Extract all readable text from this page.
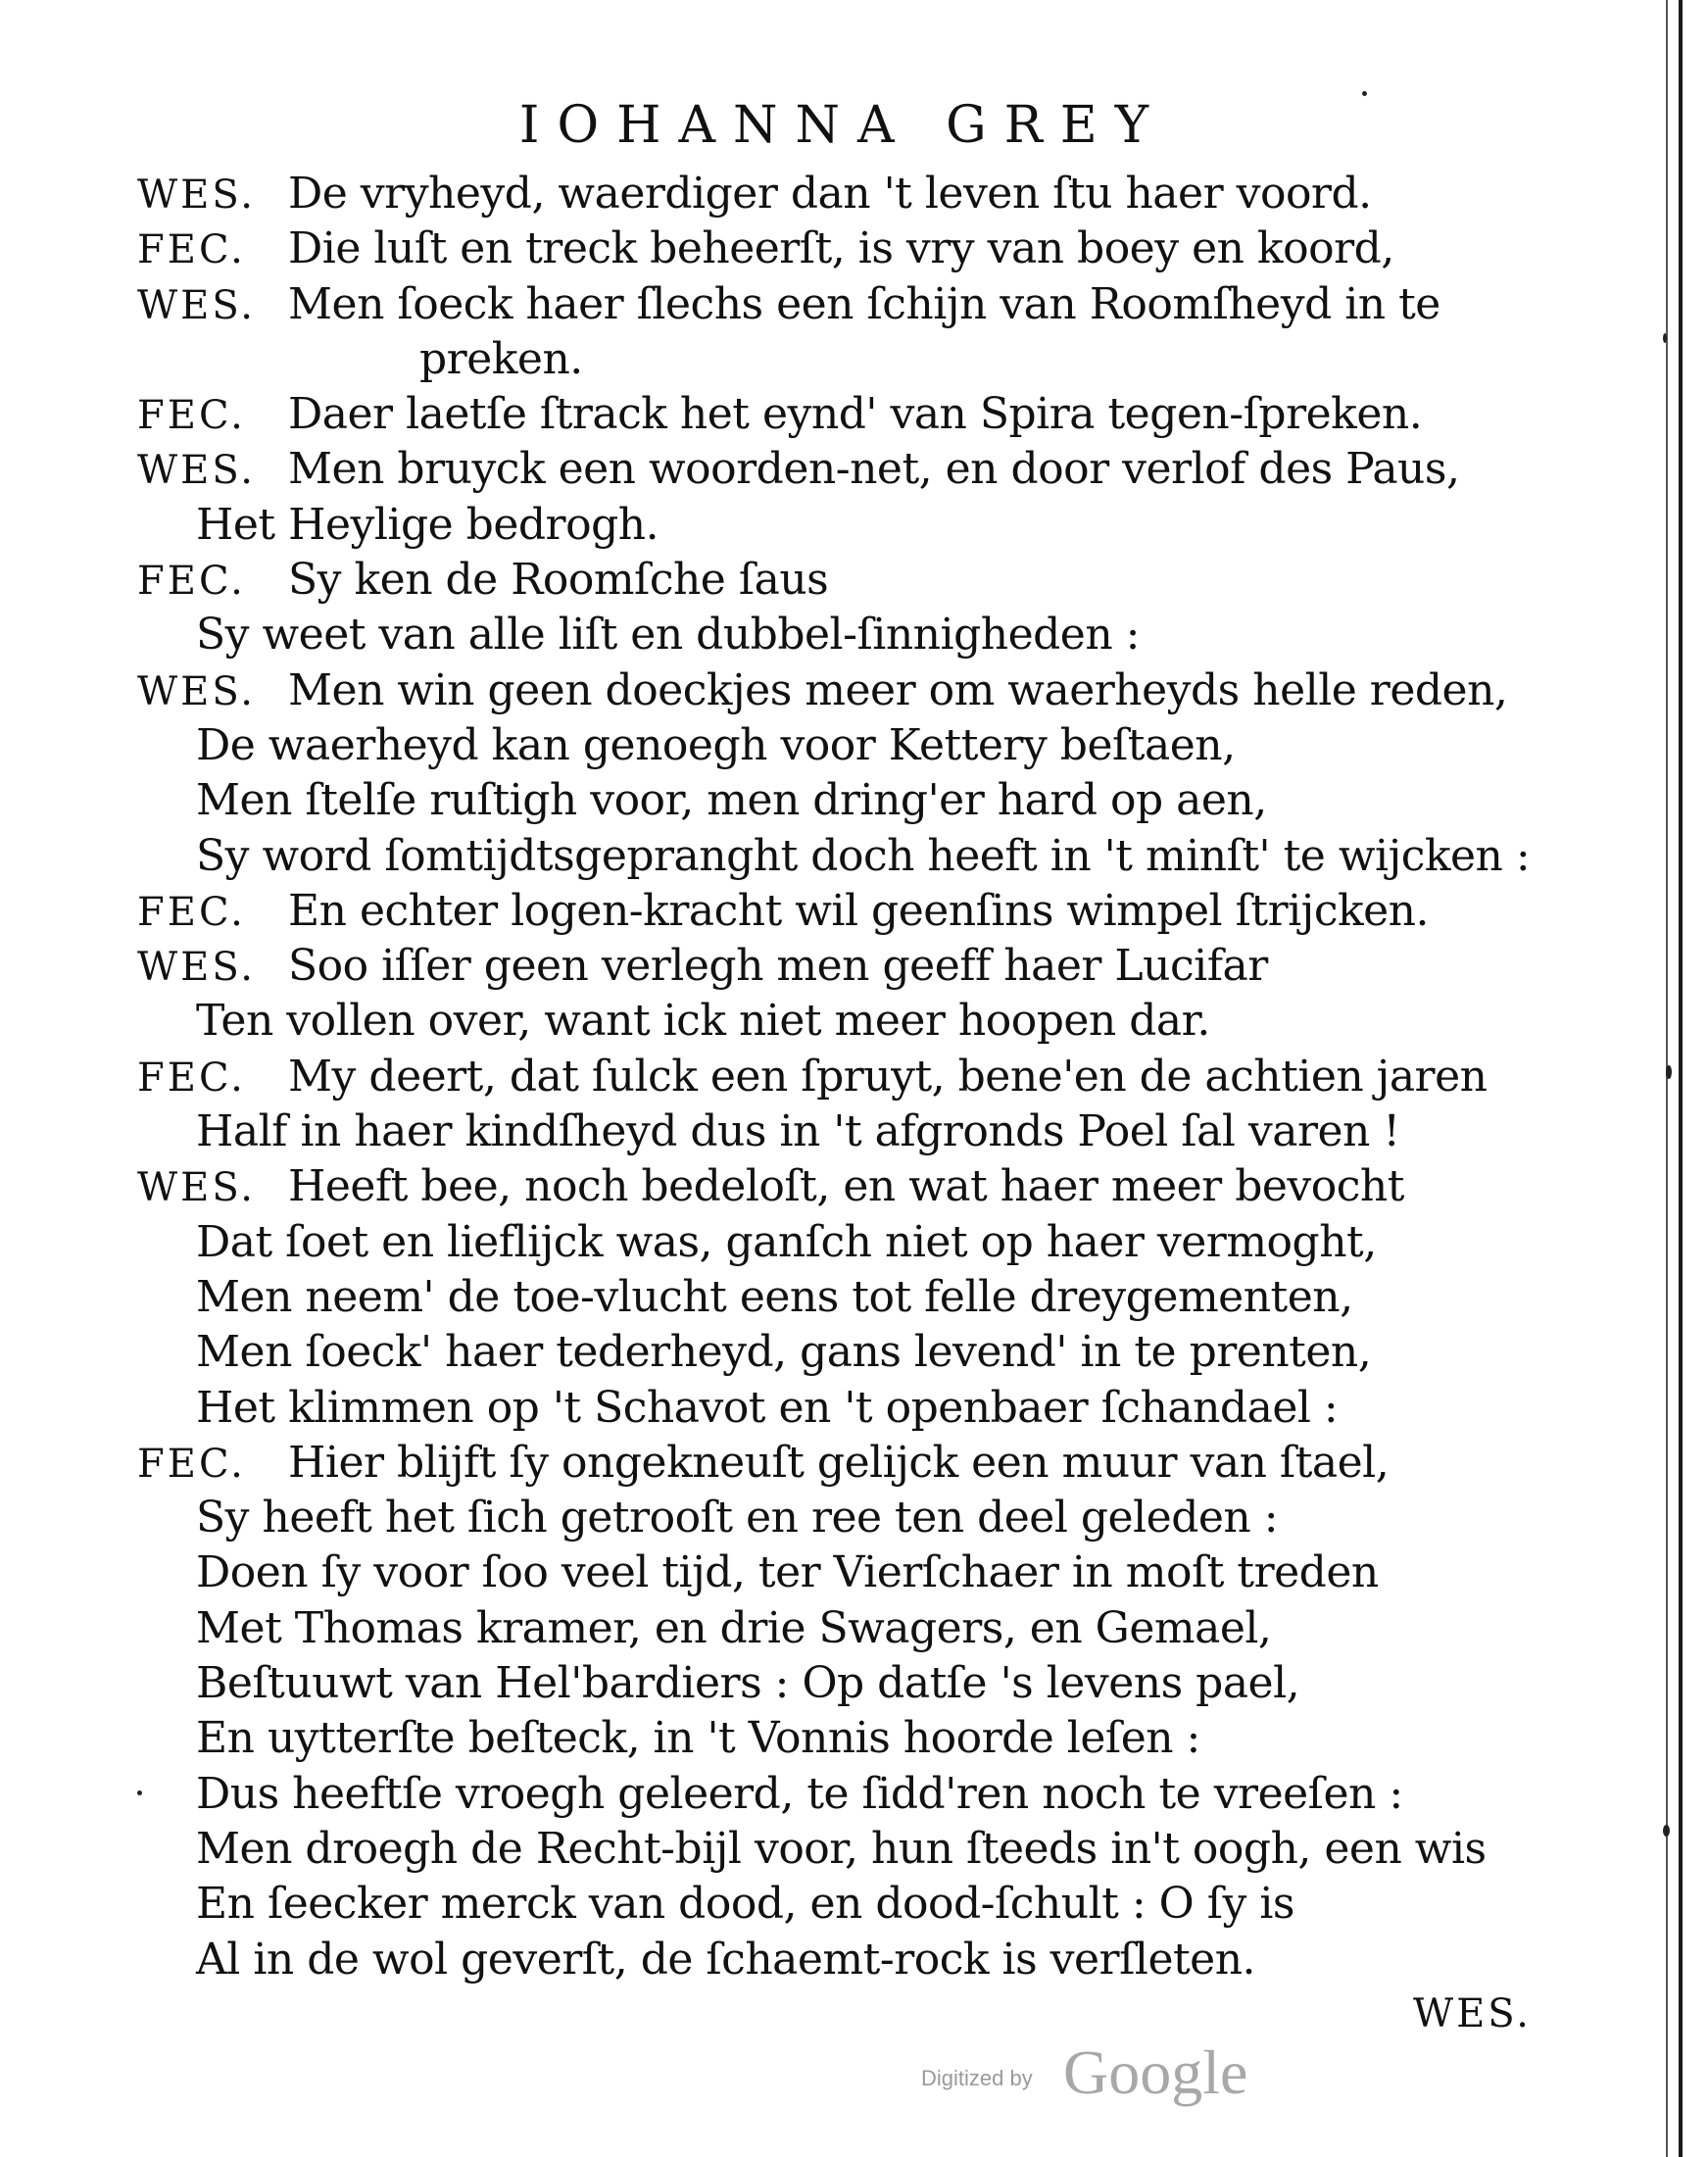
IOHANNA GREY
WES. De vryheyd, waerdiger dan 't leven ſtu haer voord.
FEC. Die luſt en treck beheerſt, is vry van boey en koord,
WES. Men ſoeck haer ſlechs een ſchijn van Roomſheyd in te
preken.
FEC. Daer laetſe ſtrack het eynd' van Spira tegen-ſpreken.
WES. Men bruyck een woorden-net, en door verlof des Paus,
Het Heylige bedrogh.
FEC. Sy ken de Roomſche ſaus
Sy weet van alle liſt en dubbel-ſinnigheden :
WES. Men win geen doeckjes meer om waerheyds helle reden,
De waerheyd kan genoegh voor Kettery beſtaen,
Men ſtelſe ruſtigh voor, men dring'er hard op aen,
Sy word ſomtijdtsgepranght doch heeft in 't minſt' te wijcken :
FEC. En echter logen-kracht wil geenſins wimpel ſtrijcken.
WES. Soo iſſer geen verlegh men geeff haer Lucifar
Ten vollen over, want ick niet meer hoopen dar.
FEC. My deert, dat ſulck een ſpruyt, bene'en de achtien jaren
Half in haer kindſheyd dus in 't afgronds Poel ſal varen !
WES. Heeft bee, noch bedeloſt, en wat haer meer bevocht
Dat ſoet en liefliјck was, ganſch niet op haer vermoght,
Men neem' de toe-vlucht eens tot felle dreygementen,
Men ſoeck' haer tederheyd, gans levend' in te prenten,
Het klimmen op 't Schavot en 't openbaer ſchandael :
FEC. Hier blijft ſy ongekneuſt gelijck een muur van ſtael,
Sy heeft het ſich getrooſt en ree ten deel geleden :
Doen ſy voor ſoo veel tijd, ter Vierſchaer in moſt treden
Met Thomas kramer, en drie Swagers, en Gemael,
Beſtuuwt van Hel'bardiers : Op datſe 's levens pael,
En uytterſte beſteck, in 't Vonnis hoorde leſen :
Dus heeftſe vroegh geleerd, te ſidd'ren noch te vreeſen :
Men droegh de Recht-bijl voor, hun ſteeds in't oogh, een wis
En ſeecker merck van dood, en dood-ſchult : O ſy is
Al in de wol geverſt, de ſchaemt-rock is verſleten.
WES.
Digitized by Google
